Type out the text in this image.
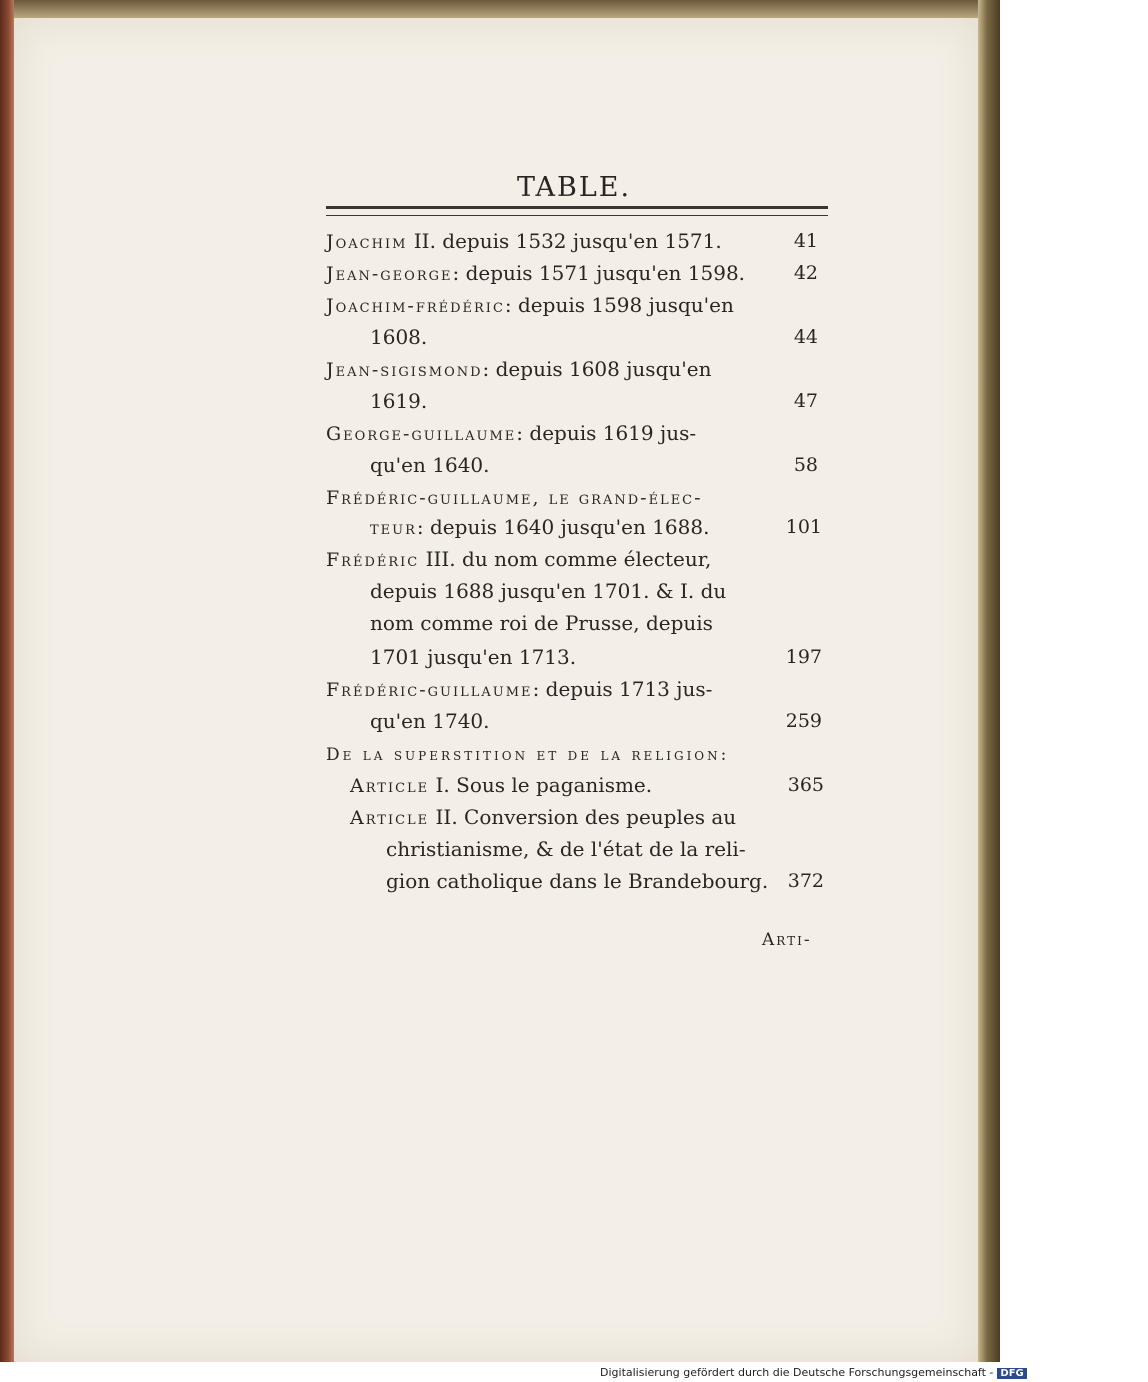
TABLE.
Joachim II. depuis 1532 jusqu'en 1571.	41
Jean-george: depuis 1571 jusqu'en 1598.	42
Joachim-frédéric: depuis 1598 jusqu'en
1608.	44
Jean-sigismond: depuis 1608 jusqu'en
1619.	47
George-guillaume: depuis 1619 jus-
qu'en 1640.	58
Frédéric-guillaume, le grand-élec-
teur: depuis 1640 jusqu'en 1688.	101
Frédéric III. du nom comme électeur,
depuis 1688 jusqu'en 1701. & I. du
nom comme roi de Prusse, depuis
1701 jusqu'en 1713.	197
Frédéric-guillaume: depuis 1713 jus-
qu'en 1740.	259
De la superstition et de la religion:
Article I. Sous le paganisme.	365
Article II. Conversion des peuples au
christianisme, & de l'état de la reli-
gion catholique dans le Brandebourg.	372
Arti-
Digitalisierung gefördert durch die Deutsche Forschungsgemeinschaft - DFG
